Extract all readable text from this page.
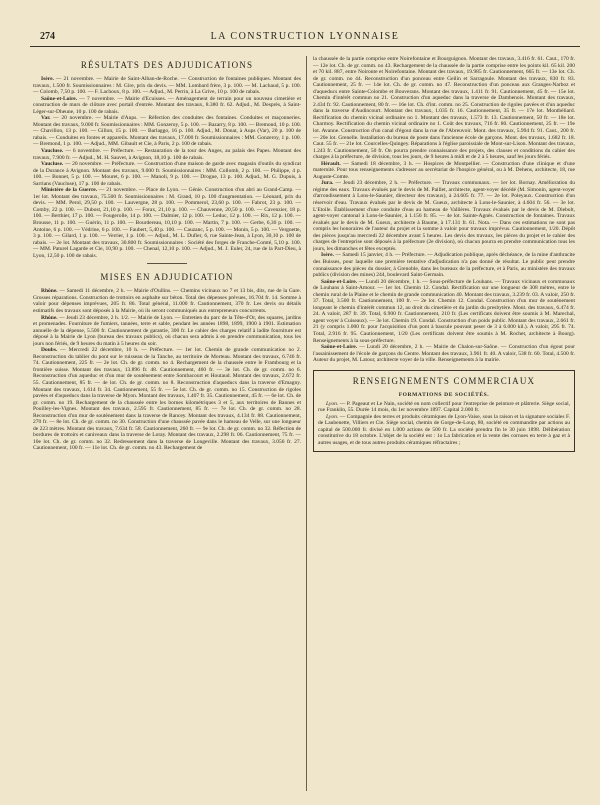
274	LA CONSTRUCTION LYONNAISE
RÉSULTATS DES ADJUDICATIONS

Isère. — 21 novembre. — Mairie de Saint-Alban-de-Roche. — Construction de fontaines publiques. Montant des travaux, 1.500 fr. Soumissionnaires : M. Gire, prix du devis. — MM. Lombard frère, 3 p. 100. — M. Lachaud, 5 p. 100. — Colomb, 7,50 p. 100. — F. Lachoux, 8 p. 100. — Adjud., M. Perrin, à La Grive, 10 p. 100 de rabais.

Saône-et-Loire. — 7 novembre. — Mairie d'Ecuisses. — Aménagement de terrain pour un nouveau cimetière et construction de murs de clôture avec portail d'entrée. Montant des travaux, 8.380 fr. 62. Adjud., M. Desprès, à Saint-Léger-sur-Dheune, 10 p. 100 de rabais.

Var. — 20 novembre. — Mairie d'Aups. — Réfection des conduites des fontaines. Conduites et maçonneries. Montant des travaux, 9.000 fr. Soumissionnaires : MM. Gonzeroy, 5 p. 100. — Bazarry, 8 p. 100. — Bremond, 10 p. 100. — Chavillon, 13 p. 100. — Gillon, 15 p. 100. — Barlaggo, 16 p. 100. Adjud., M. Donat, à Aups (Var), 20 p. 100 de rabais. — Conduites en fontes et appareils. Montant des travaux, 17.000 fr. Soumissionnaires : MM. Gonzeroy, 1 p. 100. — Bremond, 1 p. 100. — Adjud., MM. Gibault et Cie, à Paris, 2 p. 100 de rabais.

Vaucluse. — 6 novembre. — Préfecture. — Restauration de la tour des Anges, au palais des Papes. Montant des travaux, 7.900 fr. — Adjud., M. H. Sauvet, à Avignon, 18,10 p. 100 de rabais.

Vaucluse. — 20 novembre. — Préfecture. — Construction d'une maison de garde avec magasin d'outils du syndicat de la Durance à Avignon. Montant des travaux, 9.000 fr. Soumissionnaires : MM. Collomb, 2 p. 100. — Philippe, 4 p. 100. — Bonnet, 5 p. 100. — Mouret, 6 p. 100. — Manoli, 9 p. 100. — Drogue, 13 p. 100. Adjud., M. G. Dupuis, à Sarrians (Vaucluse), 17 p. 100 de rabais.

Ministère de la Guerre. — 21 novembre. — Place de Lyon. — Génie. Construction d'un abri au Grand-Camp. — 1er lot. Montant des travaux, 75.500 fr. Soumissionnaires : M. Grand, 10 p. 100 d'augmentation. — Léonard, prix du devis. — MM. Perol, 29,50 p. 100. — Lauvergne, 28 p. 100. — Pommerol, 23,60 p. 100. — Fabrot, 23 p. 100. — Comby, 22 p. 100. — Dubost, 21,10 p. 100. — Forax, 21,10 p. 100. — Chauvenne, 20,50 p. 100. — Cavenzier, 18 p. 100. — Berthier, 17 p. 100. — Fougerolle, 14 p. 100. — Dalmier, 12 p. 100. — Leduc, 12 p. 100. — Rix, 12 p. 100. — Brousse, 11 p. 100. — Guérin, 11 p. 100. — Bourdereau, 10,10 p. 100. — Martin, 7 p. 100. — Gerbe, 6,30 p. 100. — Antoine, 6 p. 100. — Védrine, 6 p. 100. — Faubert, 5,40 p. 100. — Cauzanc, 5 p. 100. — Monin, 5 p. 100. — Vergnette, 3 p. 100. — Gilard, 1 p. 100. — Verrier, 1 p. 100. — Adjud., M. L. Dufier, 6, rue Sainte-Jean, à Lyon, 30,10 p. 100 de rabais. — 2e lot. Montant des travaux, 30.800 fr. Soumissionnaires : Société des forges de Franche-Comté, 5,10 p. 100. — MM. Paturel Lagarde et Cie, 10,90 p. 100. — Chenal, 12,10 p. 100. — Adjud., M. J. Euler, 24, rue de la Part-Dieu, à Lyon, 12,50 p. 100 de rabais.

MISES EN ADJUDICATION

Rhône. — Samedi 11 décembre, 2 h. — Mairie d'Oullins. — Chemins vicinaux no 7 et 13 bis, dits, rue de la Gare. Grosses réparations. Construction de trottoirs en asphalte sur béton. Total des dépenses prévues, 16.704 fr. 14. Somme à valoir pour dépenses imprévues, 205 fr. 86. Total général, 11.000 fr. Cautionnement, 370 fr. Les devis ou détails estimatifs des travaux sont déposés à la Mairie, où ils seront communiqués aux entrepreneurs concurrents.

Rhône. — Jeudi 23 décembre, 2 h. 1/2. — Mairie de Lyon. — Entretien du parc de la Tête-d'Or, des squares, jardins et promenades. Fourniture de fumiers, tannées, terre et sable, pendant les années 1898, 1899, 1900 à 1901. Estimation annuelle de la dépense, 5.500 fr. Cautionnement de garantie, 300 fr. Le cahier des charges relatif à ladite fourniture est déposé à la Mairie de Lyon (bureau des travaux publics), où chacun sera admis à en prendre communication, tous les jours non fériés, de 9 heures du matin à 5 heures du soir.

Doubs. — Mercredi 22 décembre, 10 h. — Préfecture. — 1er lot. Chemin de grande communication no 2. Reconstruction du tablier du pont sur le ruisseau de la Tanche, au territoire de Morteau. Montant des travaux, 6.746 fr. 74. Cautionnement, 225 fr. — 2e lot. Ch. de gr. comm. no 4. Rechargement de la chaussée entre le Frambourg et la frontière suisse. Montant des travaux, 13.896 fr. 48. Cautionnement, 460 fr. — 3e lot. Ch. de gr. comm. no 6. Reconstruction d'un aqueduc et d'un mur de soutènement entre Sombacourt et Houtaud. Montant des travaux, 2.672 fr. 55. Cautionnement, 85 fr. — 4e lot. Ch. de gr. comm. no 8. Reconstruction d'aqueducs dans la traverse d'Emagny. Montant des travaux, 1.614 fr. 34. Cautionnement, 55 fr. — 5e lot. Ch. de gr. comm. no 15. Construction de rigoles pavées et d'aqueducs dans la traverse de Myon. Montant des travaux, 1.407 fr. 35. Cautionnement, 45 fr. — 6e lot. Ch. de gr. comm. no 19. Rechargement de la chaussée entre les bornes kilométriques 3 et 5, aux territoires de Bannes et Pouilley-les-Vignes. Montant des travaux, 2.595 fr. Cautionnement, 85 fr. — 7e lot. Ch. de gr. comm. no 28. Reconstruction d'un mur de soutènement dans la traverse de Rancey. Montant des travaux, 4.134 fr. 88. Cautionnement, 270 fr. — 8e lot. Ch. de gr. comm. no 30. Construction d'une chaussée pavée dans le hameau de Velle, sur une longueur de 223 mètres. Montant des travaux, 7.634 fr. 58. Cautionnement, 260 fr. — 9e lot. Ch. de gr. comm. no 32. Réfection de bordures de trottoirs et caniveaux dans la traverse de Loray. Montant des travaux, 2.298 fr. 06. Cautionnement, 75 fr. — 10e lot. Ch. de gr. comm. no 32. Redressement dans la traverse de Longeville. Montant des travaux, 3.056 fr. 27. Cautionnement, 100 fr. — 11e lot. Ch. de gr. comm. no 43. Rechargement de

la chaussée de la partie comprise entre Noirefontaine et Bourguignon. Montant des travaux, 3.416 fr. 61. Caut., 170 fr. — 12e lot. Ch. de gr. comm. no 43. Rechargement de la chaussée de la partie comprise entre les points kil. 65 kil. 200 et 70 kil. 887, entre Noironte et Noirefontaine. Montant des travaux, 19.985 fr. Cautionnement, 665 fr. — 13e lot. Ch. de gr. comm. no 44. Reconstruction d'un ponceau entre Geilin et Sarragoule. Montant des travaux, 830 fr. 83. Cautionnement, 25 fr. — 14e lot. Ch. de gr. comm. no 47. Reconstruction d'un ponceau aux Granges-Narboz et d'aqueducs entre Sainte-Colombe et Bouverans. Montant des travaux, 1.411 fr. 91. Cautionnement, 45 fr. — 15e lot. Chemin d'intérêt commun no 21. Construction d'un aqueduc dans la traverse de Dambenois. Montant des travaux, 2.434 fr. 92. Cautionnement, 80 fr. — 16e lot. Ch. d'int. comm. no 25. Construction de rigoles pavées et d'un aqueduc dans la traverse d'Audincourt. Montant des travaux, 1.035 fr. 16. Cautionnement, 35 fr. — 17e lot. Montbéliard. Rectification du chemin vicinal ordinaire no 1. Montant des travaux, 1.573 fr. 13. Cautionnement, 50 fr. — 18e lot. Charmoy. Rectification du chemin vicinal ordinaire no 1. Coût des travaux, 716 fr. 80. Cautionnement, 25 fr. — 19e lot. Avanne. Construction d'un canal d'égout dans la rue de l'Abreuvoir. Mont. des travaux, 5.994 fr. 91. Caut., 200 fr. — 20e lot. Grenelle. Installation du bureau de poste dans l'ancienne école de garçons. Mont. des travaux, 1.682 fr. 18. Caut. 55 fr. — 21e lot. Courcelles-Quingey. Réparations à l'église paroissiale de Mont-sur-Lison. Montant des travaux, 1.243 fr. Cautionnement, 50 fr. On pourra prendre connaissance des projets, des clauses et conditions du cahier des charges à la préfecture, 4e division, tous les jours, de 9 heures à midi et de 2 à 5 heures, sauf les jours fériés.

Hérault. — Samedi 18 décembre, 3 h. — Hospices de Montpellier. — Construction d'une clinique et d'une maternité. Pour tous renseignements s'adresser au secrétariat de l'hospice général, ou à M. Dehens, architecte, 18, rue Auguste-Comte.

Jura. — Jeudi 23 décembre, 2 h. — Préfecture. — Travaux communaux. — 1er lot. Bornay. Amélioration du régime des eaux. Travaux évalués par le devis de M. Paillet, architecte, agent-voyer décédé (M. Simonin, agent-voyer d'arrondissement à Lons-le-Saunier, directeur des travaux), à 24.605 fr. 77. — 2e lot. Poleyaux. Construction d'un réservoir d'eau. Travaux évalués par le devis de M. Gueux, architecte à Lons-le-Saunier, à 4.604 fr. 56. — 3e lot. L'Etoile. Établissement d'une conduite d'eau au hameau de Vallières. Travaux évalués par le devis de M. Diebolt, agent-voyer cantonal à Lons-le-Saunier, à 1.156 fr. 85. — 4e lot. Sainte-Agnès. Construction de fontaines. Travaux évalués par le devis de M. Gueux, architecte à Baume, à 17.131 fr. 61. Nota. — Dans ces estimations ne sont pas compris les honoraires de l'auteur du projet et la somme à valoir pour travaux imprévus. Cautionnement, 1/20. Dépôt des pièces jusqu'au mercredi 22 décembre avant 5 heures. Les devis des travaux, les pièces du projet et le cahier des charges de l'entreprise sont déposés à la préfecture (2e division), où chacun pourra en prendre communication tous les jours, les dimanches et fêtes exceptés.

Isère. — Samedi 15 janvier, 4 h. — Préfecture. — Adjudication publique, après déchéance, de la mine d'anthracite des Buisses, pour laquelle une première tentative d'adjudication n'a pas donné de résultat. Le public peut prendre connaissance des pièces du dossier, à Grenoble, dans les bureaux de la préfecture, et à Paris, au ministère des travaux publics (division des mines) 244, boulevard Saint-Germain.

Saône-et-Loire. — Lundi 20 décembre, 1 h. — Sous-préfecture de Louhans. — Travaux vicinaux et communaux de Louhans à Saint-Amour. — 1er lot. Chemin 12. Condal. Rectification sur une longueur de 308 mètres, entre le chemin rural de la Plaine et le chemin de grande communication 40. Montant des travaux, 3.239 fr. 03. A valoir, 250 fr. 37. Total, 3.500 fr. Cautionnement, 100 fr. — 2e lot. Chemin 12. Condal. Construction d'un mur de soutènement longeant le chemin d'intérêt commun 12, au droit du cimetière et du jardin du presbytère. Mont. des travaux, 6.474 fr. 24. A valoir, 287 fr. 39. Total, 6.900 fr. Cautionnement, 210 fr. (Les certificats doivent être soumis à M. Marechal, agent voyer à Cuiseaux). — 3e lot. Chemin 19. Condal. Construction d'un poids public. Montant des travaux, 2.661 fr. 21 (y compris 1.000 fr. pour l'acquisition d'un pont à bascule pouvant peser de 3 à 6.000 kil.). A valoir, 295 fr. 74. Total, 2.916 fr. 95. Cautionnement, 1/20 (Les certificats doivent être soumis à M. Rochet, architecte à Bourg). Renseignements à la sous-préfecture.

Saône-et-Loire. — Lundi 20 décembre, 2 h. — Mairie de Chalon-sur-Saône. — Construction d'un égout pour l'assainissement de l'école de garçons du Centre. Montant des travaux, 3.961 fr. 40. A valoir, 538 fr. 60. Total, 4.500 fr. Auteur du projet, M. Latour, architecte voyer de la ville. Renseignements à la mairie.

RENSEIGNEMENTS COMMERCIAUX
FORMATIONS DE SOCIÉTÉS.

Lyon. — P. Pageaut et Le Nain, société en nom collectif pour l'entreprise de peinture et plâtrerie. Siège social, rue Franklin, 55. Durée 14 mois, du 1er novembre 1897. Capital 2.000 fr.

Lyon. — Compagnie des terres et produits céramiques de Lyon-Vaise, sous la raison et la signature sociales F. de Laubenette, Villiers et Cie. Siège social, chemin de Gorge-de-Loup, 80, société en commandite par actions au capital de 500.000 fr. divisé en 1.000 actions de 500 fr. La société prendra fin le 30 juin 1898. Délibération constitutive du 18 octobre. L'objet de la société est : 1o La fabrication et la vente des cornues en terre à gaz et à autres usages, et de tous autres produits céramiques réfractaires ;
